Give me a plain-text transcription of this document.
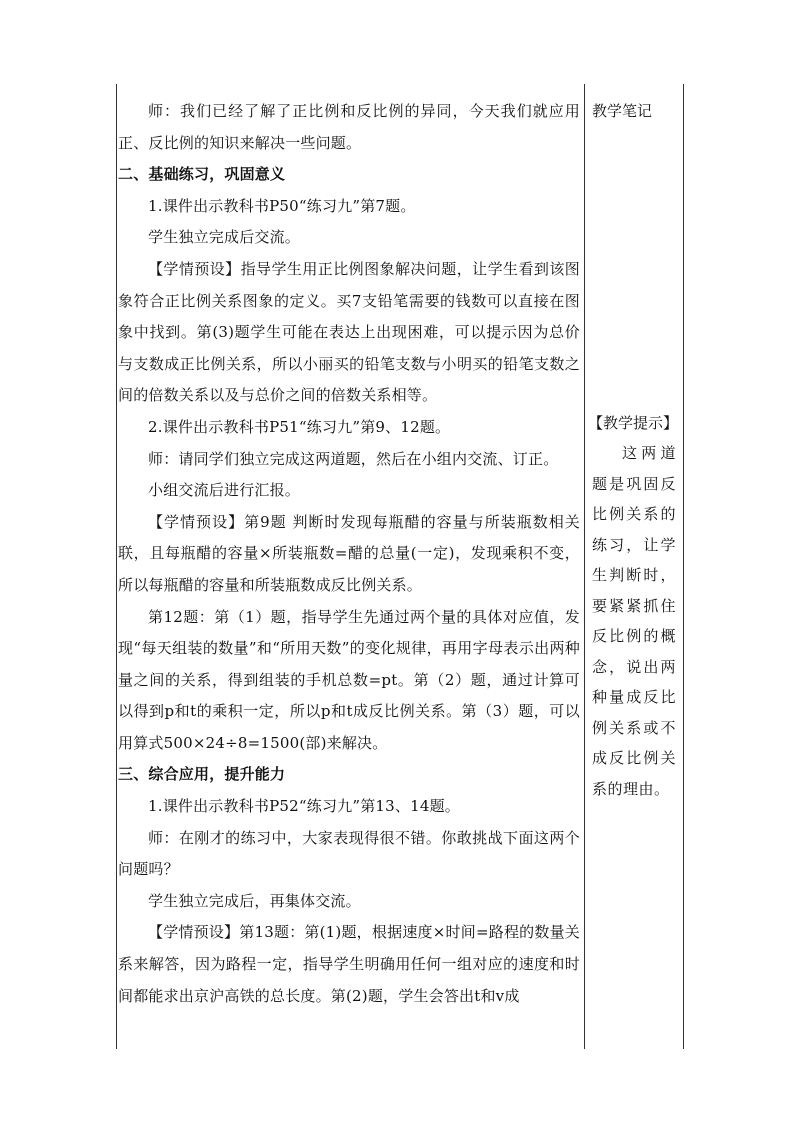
师：我们已经了解了正比例和反比例的异同，今天我们就应用正、反比例的知识来解决一些问题。

二、基础练习，巩固意义

1.课件出示教科书P50“练习九”第7题。

学生独立完成后交流。

【学情预设】指导学生用正比例图象解决问题，让学生看到该图象符合正比例关系图象的定义。买7支铅笔需要的钱数可以直接在图象中找到。第(3)题学生可能在表达上出现困难，可以提示因为总价与支数成正比例关系，所以小丽买的铅笔支数与小明买的铅笔支数之间的倍数关系以及与总价之间的倍数关系相等。

2.课件出示教科书P51“练习九”第9、12题。

师：请同学们独立完成这两道题，然后在小组内交流、订正。

小组交流后进行汇报。

【学情预设】第9题 判断时发现每瓶醋的容量与所装瓶数相关联，且每瓶醋的容量×所装瓶数=醋的总量(一定)，发现乘积不变，所以每瓶醋的容量和所装瓶数成反比例关系。

第12题：第（1）题，指导学生先通过两个量的具体对应值，发现“每天组装的数量”和“所用天数”的变化规律，再用字母表示出两种量之间的关系，得到组装的手机总数=pt。第（2）题，通过计算可以得到p和t的乘积一定，所以p和t成反比例关系。第（3）题，可以用算式500×24÷8=1500(部)来解决。

三、综合应用，提升能力

1.课件出示教科书P52“练习九”第13、14题。

师：在刚才的练习中，大家表现得很不错。你敢挑战下面这两个问题吗？

学生独立完成后，再集体交流。

【学情预设】第13题：第(1)题，根据速度×时间=路程的数量关系来解答，因为路程一定，指导学生明确用任何一组对应的速度和时间都能求出京沪高铁的总长度。第(2)题，学生会答出t和v成

教学笔记

【教学提示】

这两道题是巩固反比例关系的练习，让学生判断时，要紧紧抓住反比例的概念，说出两种量成反比例关系或不成反比例关系的理由。
